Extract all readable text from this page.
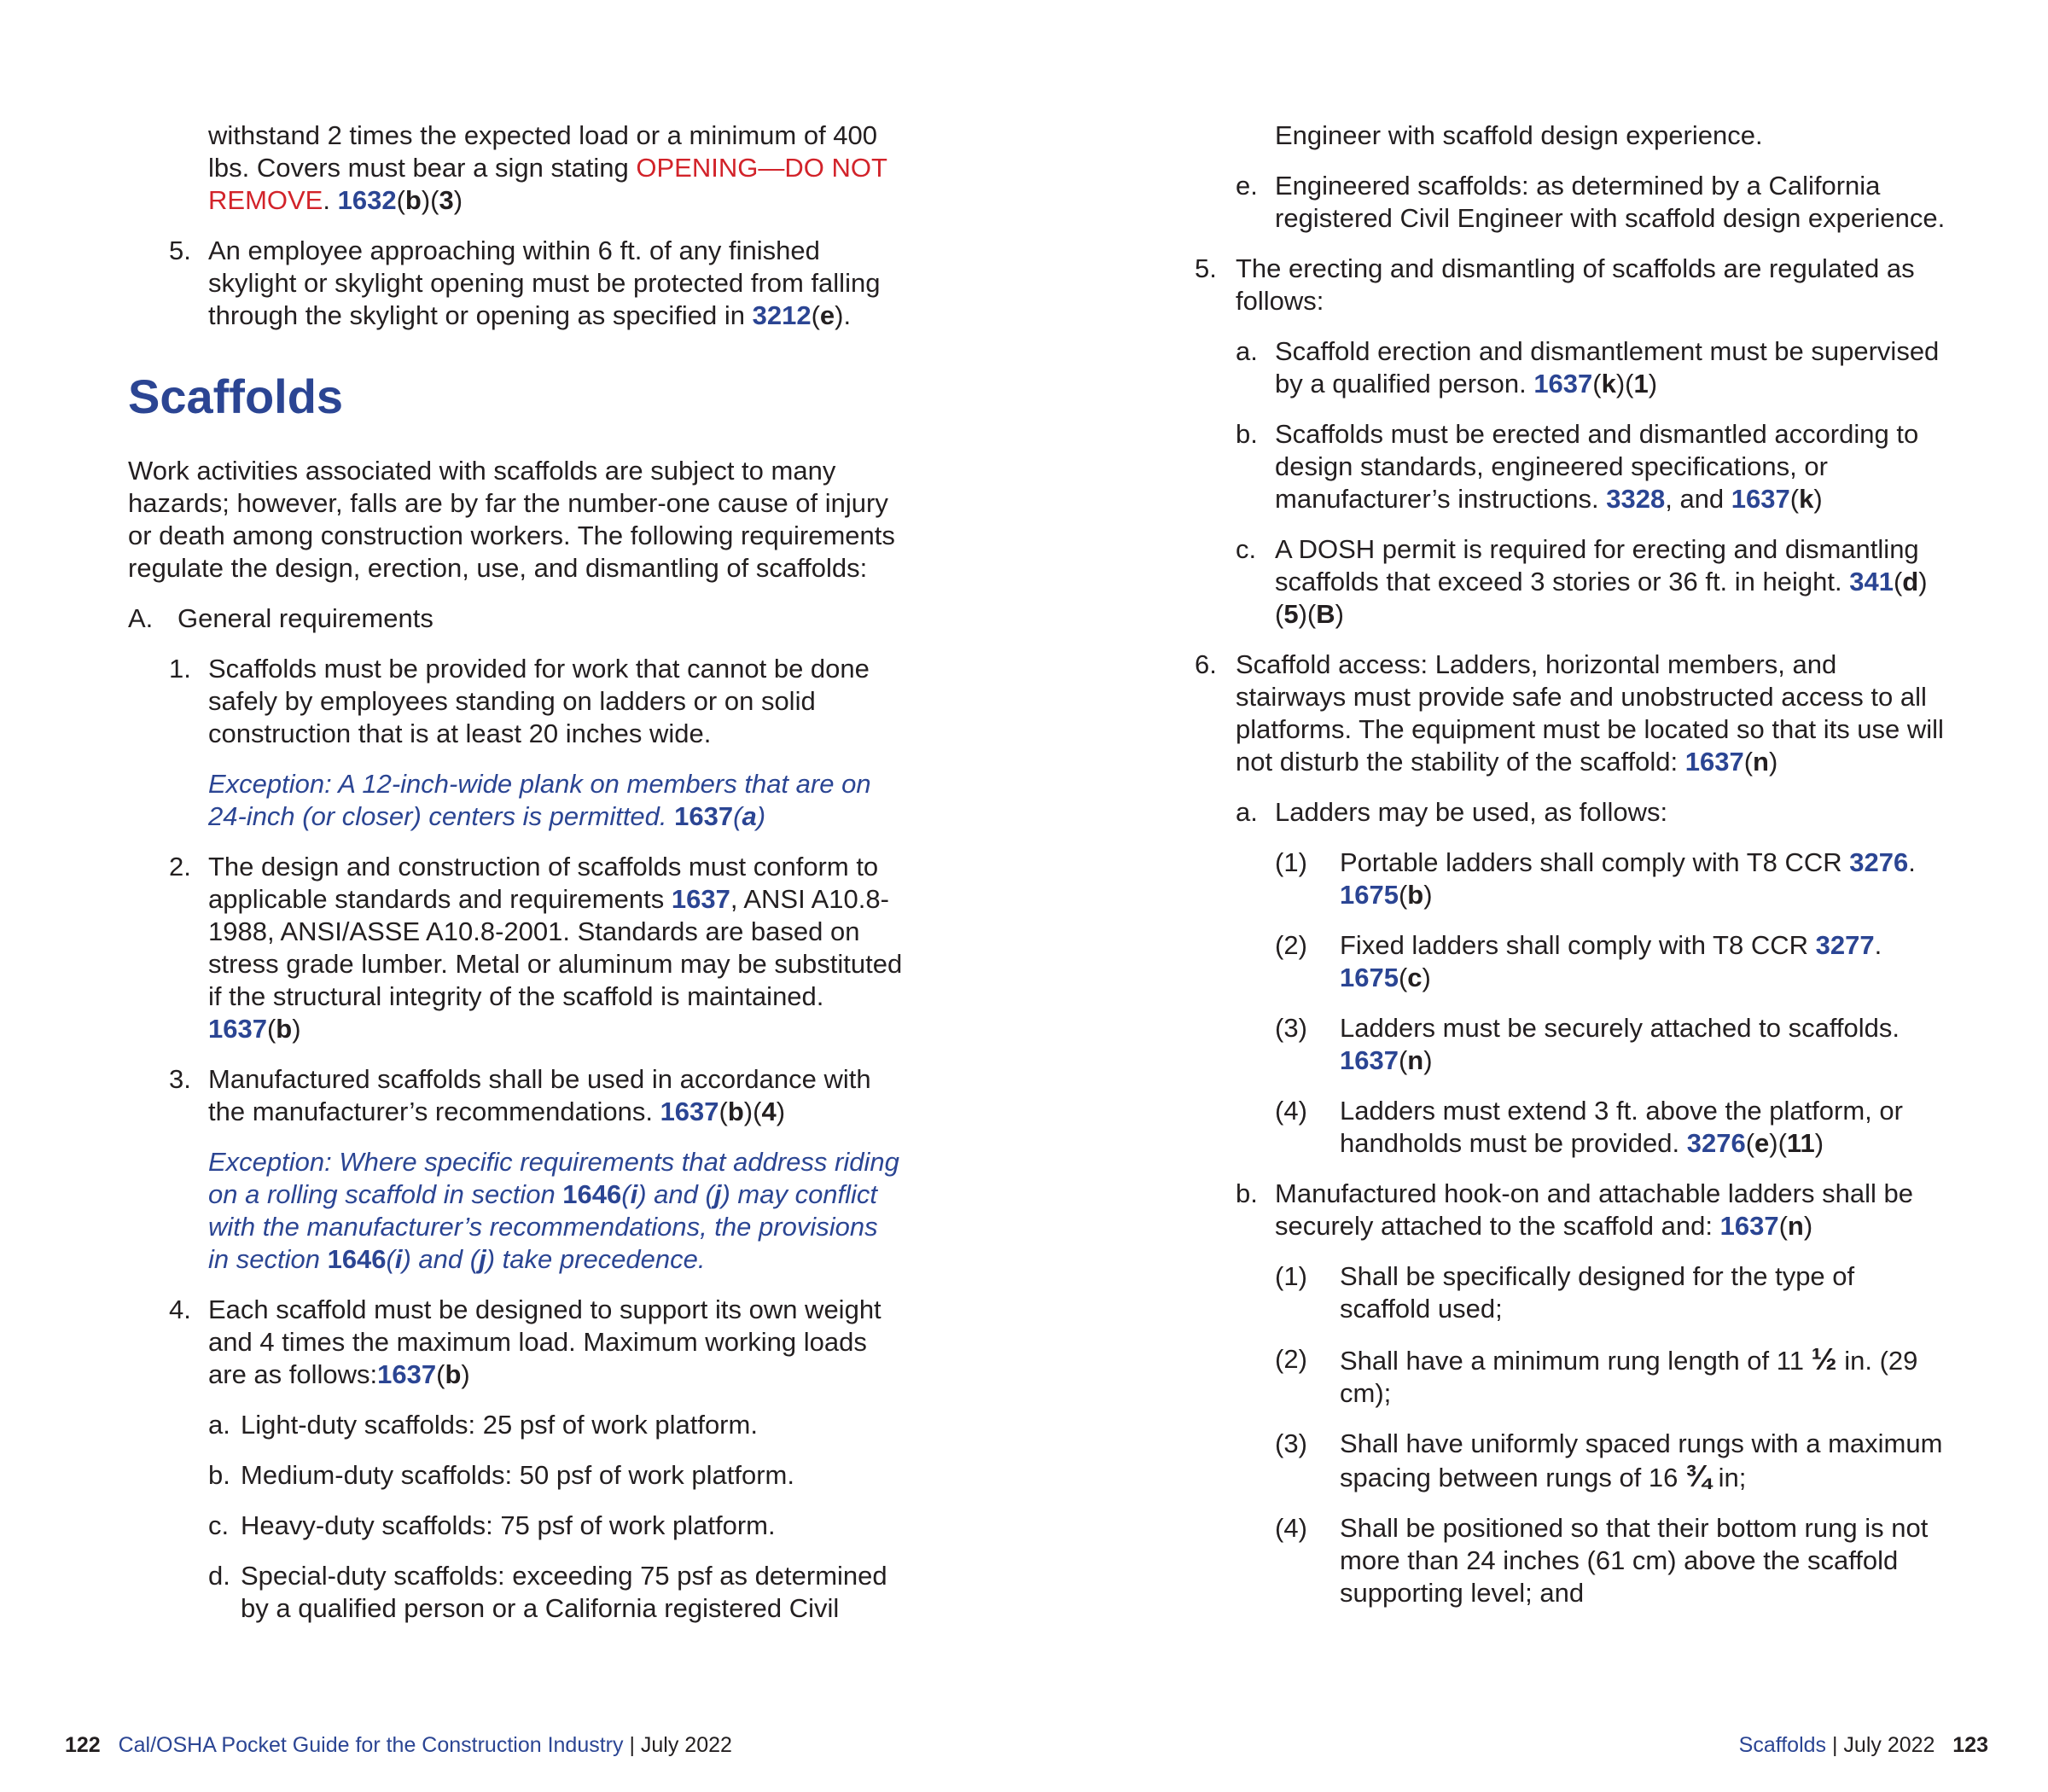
withstand 2 times the expected load or a minimum of 400 lbs. Covers must bear a sign stating OPENING—DO NOT REMOVE. 1632(b)(3)
5. An employee approaching within 6 ft. of any finished skylight or skylight opening must be protected from falling through the skylight or opening as specified in 3212(e).
Scaffolds
Work activities associated with scaffolds are subject to many hazards; however, falls are by far the number-one cause of injury or death among construction workers. The following requirements regulate the design, erection, use, and dismantling of scaffolds:
A. General requirements
1. Scaffolds must be provided for work that cannot be done safely by employees standing on ladders or on solid construction that is at least 20 inches wide.
Exception: A 12-inch-wide plank on members that are on 24-inch (or closer) centers is permitted. 1637(a)
2. The design and construction of scaffolds must conform to applicable standards and requirements 1637, ANSI A10.8-1988, ANSI/ASSE A10.8-2001. Standards are based on stress grade lumber. Metal or aluminum may be substituted if the structural integrity of the scaffold is maintained. 1637(b)
3. Manufactured scaffolds shall be used in accordance with the manufacturer’s recommendations. 1637(b)(4)
Exception: Where specific requirements that address riding on a rolling scaffold in section 1646(i) and (j) may conflict with the manufacturer’s recommendations, the provisions in section 1646(i) and (j) take precedence.
4. Each scaffold must be designed to support its own weight and 4 times the maximum load. Maximum working loads are as follows:1637(b)
a. Light-duty scaffolds: 25 psf of work platform.
b. Medium-duty scaffolds: 50 psf of work platform.
c. Heavy-duty scaffolds: 75 psf of work platform.
d. Special-duty scaffolds: exceeding 75 psf as determined by a qualified person or a California registered Civil
Engineer with scaffold design experience.
e. Engineered scaffolds: as determined by a California registered Civil Engineer with scaffold design experience.
5. The erecting and dismantling of scaffolds are regulated as follows:
a. Scaffold erection and dismantlement must be supervised by a qualified person. 1637(k)(1)
b. Scaffolds must be erected and dismantled according to design standards, engineered specifications, or manufacturer’s instructions. 3328, and 1637(k)
c. A DOSH permit is required for erecting and dismantling scaffolds that exceed 3 stories or 36 ft. in height. 341(d)(5)(B)
6. Scaffold access: Ladders, horizontal members, and stairways must provide safe and unobstructed access to all platforms. The equipment must be located so that its use will not disturb the stability of the scaffold: 1637(n)
a. Ladders may be used, as follows:
(1) Portable ladders shall comply with T8 CCR 3276. 1675(b)
(2) Fixed ladders shall comply with T8 CCR 3277. 1675(c)
(3) Ladders must be securely attached to scaffolds. 1637(n)
(4) Ladders must extend 3 ft. above the platform, or handholds must be provided. 3276(e)(11)
b. Manufactured hook-on and attachable ladders shall be securely attached to the scaffold and: 1637(n)
(1) Shall be specifically designed for the type of scaffold used;
(2) Shall have a minimum rung length of 11 ½ in. (29 cm);
(3) Shall have uniformly spaced rungs with a maximum spacing between rungs of 16 ¾ in;
(4) Shall be positioned so that their bottom rung is not more than 24 inches (61 cm) above the scaffold supporting level; and
122 Cal/OSHA Pocket Guide for the Construction Industry | July 2022	Scaffolds | July 2022 123
